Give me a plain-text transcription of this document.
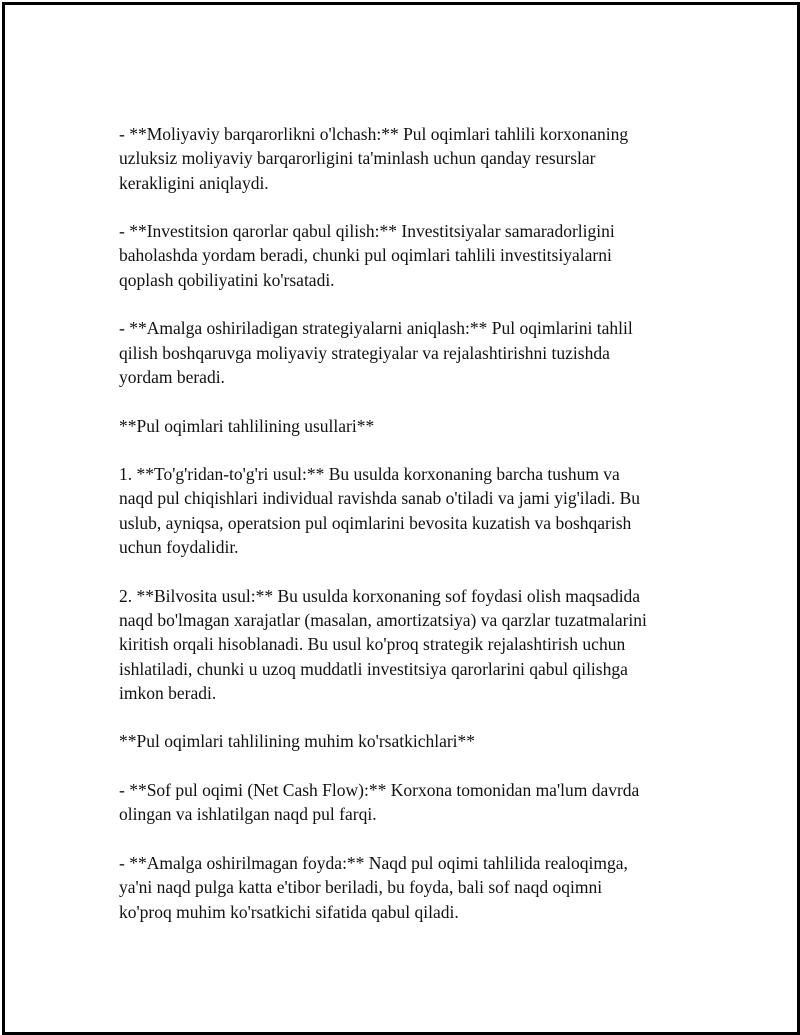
- **Moliyaviy barqarorlikni o'lchash:** Pul oqimlari tahlili korxonaning
uzluksiz moliyaviy barqarorligini ta'minlash uchun qanday resurslar
kerakligini aniqlaydi.

- **Investitsion qarorlar qabul qilish:** Investitsiyalar samaradorligini
baholashda yordam beradi, chunki pul oqimlari tahlili investitsiyalarni
qoplash qobiliyatini ko'rsatadi.

- **Amalga oshiriladigan strategiyalarni aniqlash:** Pul oqimlarini tahlil
qilish boshqaruvga moliyaviy strategiyalar va rejalashtirishni tuzishda
yordam beradi.

**Pul oqimlari tahlilining usullari**

1. **To'g'ridan-to'g'ri usul:** Bu usulda korxonaning barcha tushum va
naqd pul chiqishlari individual ravishda sanab o'tiladi va jami yig'iladi. Bu
uslub, ayniqsa, operatsion pul oqimlarini bevosita kuzatish va boshqarish
uchun foydalidir.

2. **Bilvosita usul:** Bu usulda korxonaning sof foydasi olish maqsadida
naqd bo'lmagan xarajatlar (masalan, amortizatsiya) va qarzlar tuzatmalarini
kiritish orqali hisoblanadi. Bu usul ko'proq strategik rejalashtirish uchun
ishlatiladi, chunki u uzoq muddatli investitsiya qarorlarini qabul qilishga
imkon beradi.

**Pul oqimlari tahlilining muhim ko'rsatkichlari**

- **Sof pul oqimi (Net Cash Flow):** Korxona tomonidan ma'lum davrda
olingan va ishlatilgan naqd pul farqi.

- **Amalga oshirilmagan foyda:** Naqd pul oqimi tahlilida realoqimga,
ya'ni naqd pulga katta e'tibor beriladi, bu foyda, bali sof naqd oqimni
ko'proq muhim ko'rsatkichi sifatida qabul qiladi.
